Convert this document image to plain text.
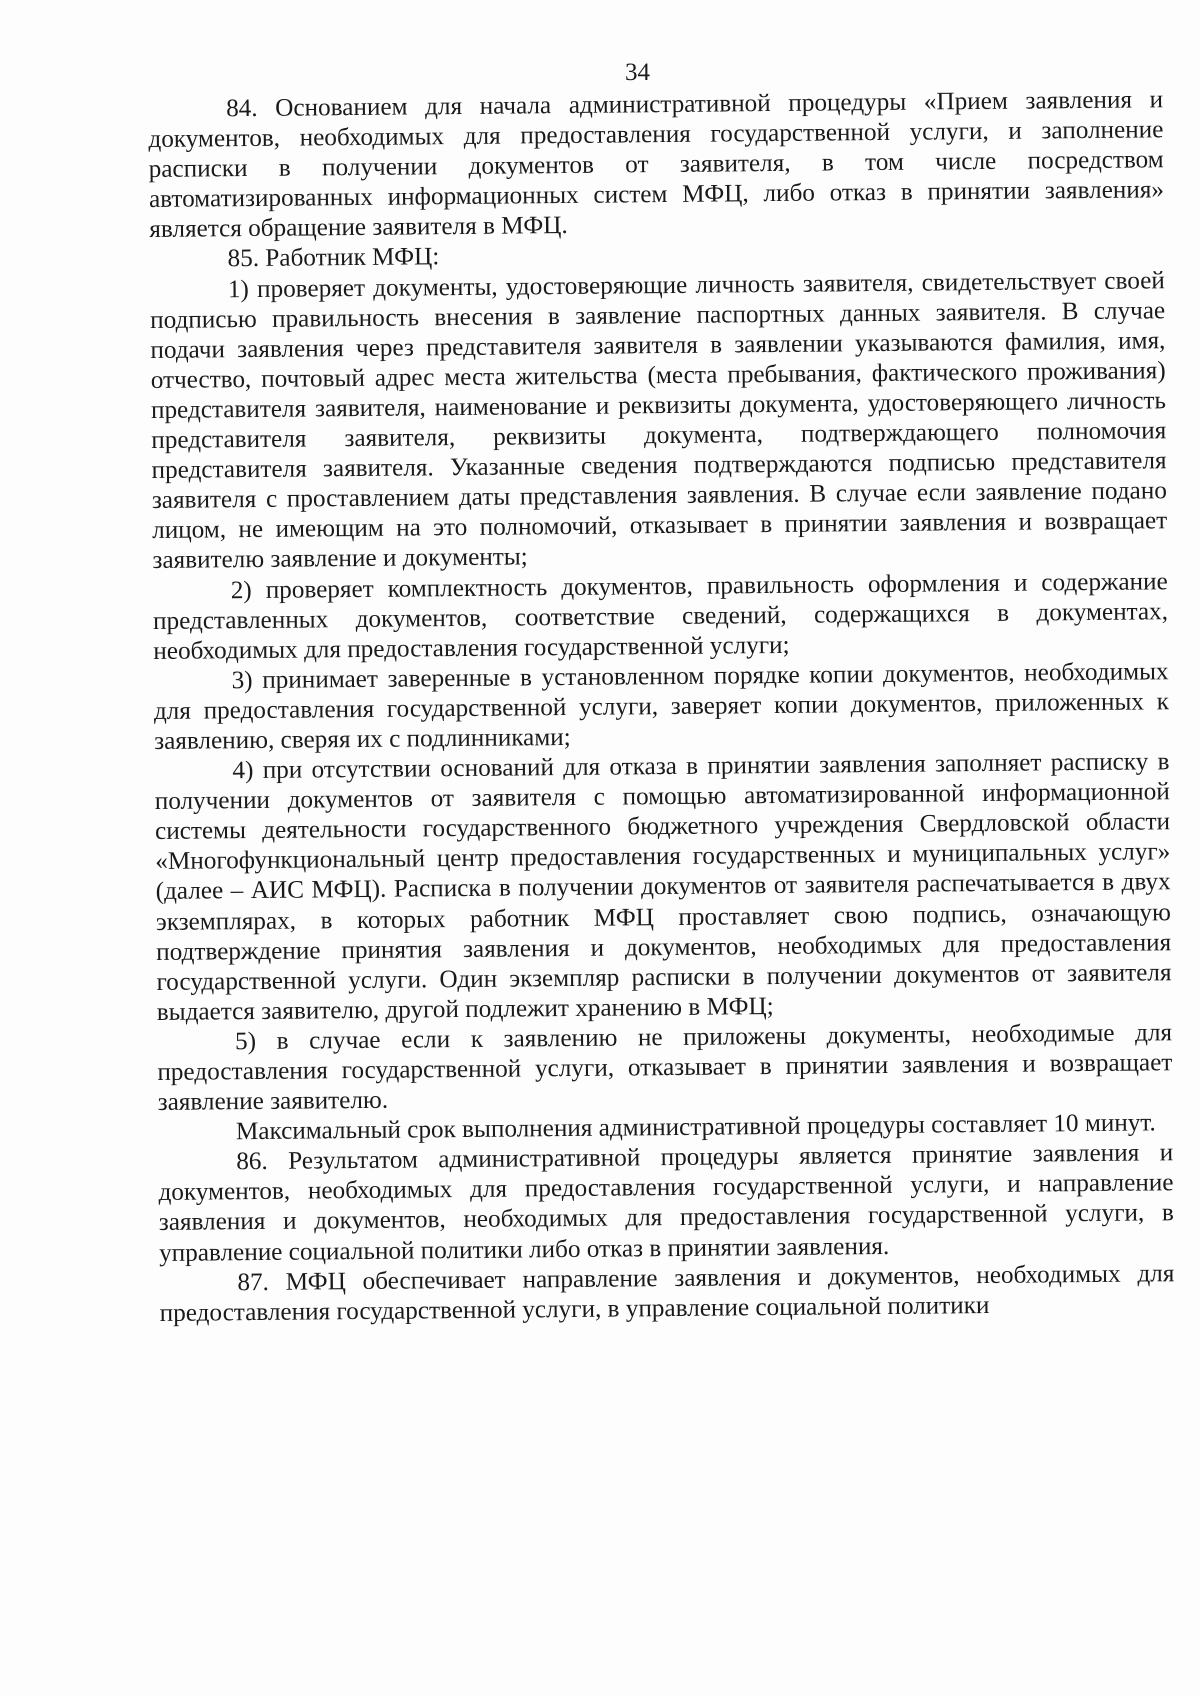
34

84. Основанием для начала административной процедуры «Прием заявления и документов, необходимых для предоставления государственной услуги, и заполнение расписки в получении документов от заявителя, в том числе посредством автоматизированных информационных систем МФЦ, либо отказ в принятии заявления» является обращение заявителя в МФЦ.

85. Работник МФЦ:

1) проверяет документы, удостоверяющие личность заявителя, свидетельствует своей подписью правильность внесения в заявление паспортных данных заявителя. В случае подачи заявления через представителя заявителя в заявлении указываются фамилия, имя, отчество, почтовый адрес места жительства (места пребывания, фактического проживания) представителя заявителя, наименование и реквизиты документа, удостоверяющего личность представителя заявителя, реквизиты документа, подтверждающего полномочия представителя заявителя. Указанные сведения подтверждаются подписью представителя заявителя с проставлением даты представления заявления. В случае если заявление подано лицом, не имеющим на это полномочий, отказывает в принятии заявления и возвращает заявителю заявление и документы;

2) проверяет комплектность документов, правильность оформления и содержание представленных документов, соответствие сведений, содержащихся в документах, необходимых для предоставления государственной услуги;

3) принимает заверенные в установленном порядке копии документов, необходимых для предоставления государственной услуги, заверяет копии документов, приложенных к заявлению, сверяя их с подлинниками;

4) при отсутствии оснований для отказа в принятии заявления заполняет расписку в получении документов от заявителя с помощью автоматизированной информационной системы деятельности государственного бюджетного учреждения Свердловской области «Многофункциональный центр предоставления государственных и муниципальных услуг» (далее – АИС МФЦ). Расписка в получении документов от заявителя распечатывается в двух экземплярах, в которых работник МФЦ проставляет свою подпись, означающую подтверждение принятия заявления и документов, необходимых для предоставления государственной услуги. Один экземпляр расписки в получении документов от заявителя выдается заявителю, другой подлежит хранению в МФЦ;

5) в случае если к заявлению не приложены документы, необходимые для предоставления государственной услуги, отказывает в принятии заявления и возвращает заявление заявителю.

Максимальный срок выполнения административной процедуры составляет 10 минут.

86. Результатом административной процедуры является принятие заявления и документов, необходимых для предоставления государственной услуги, и направление заявления и документов, необходимых для предоставления государственной услуги, в управление социальной политики либо отказ в принятии заявления.

87. МФЦ обеспечивает направление заявления и документов, необходимых для предоставления государственной услуги, в управление социальной политики
